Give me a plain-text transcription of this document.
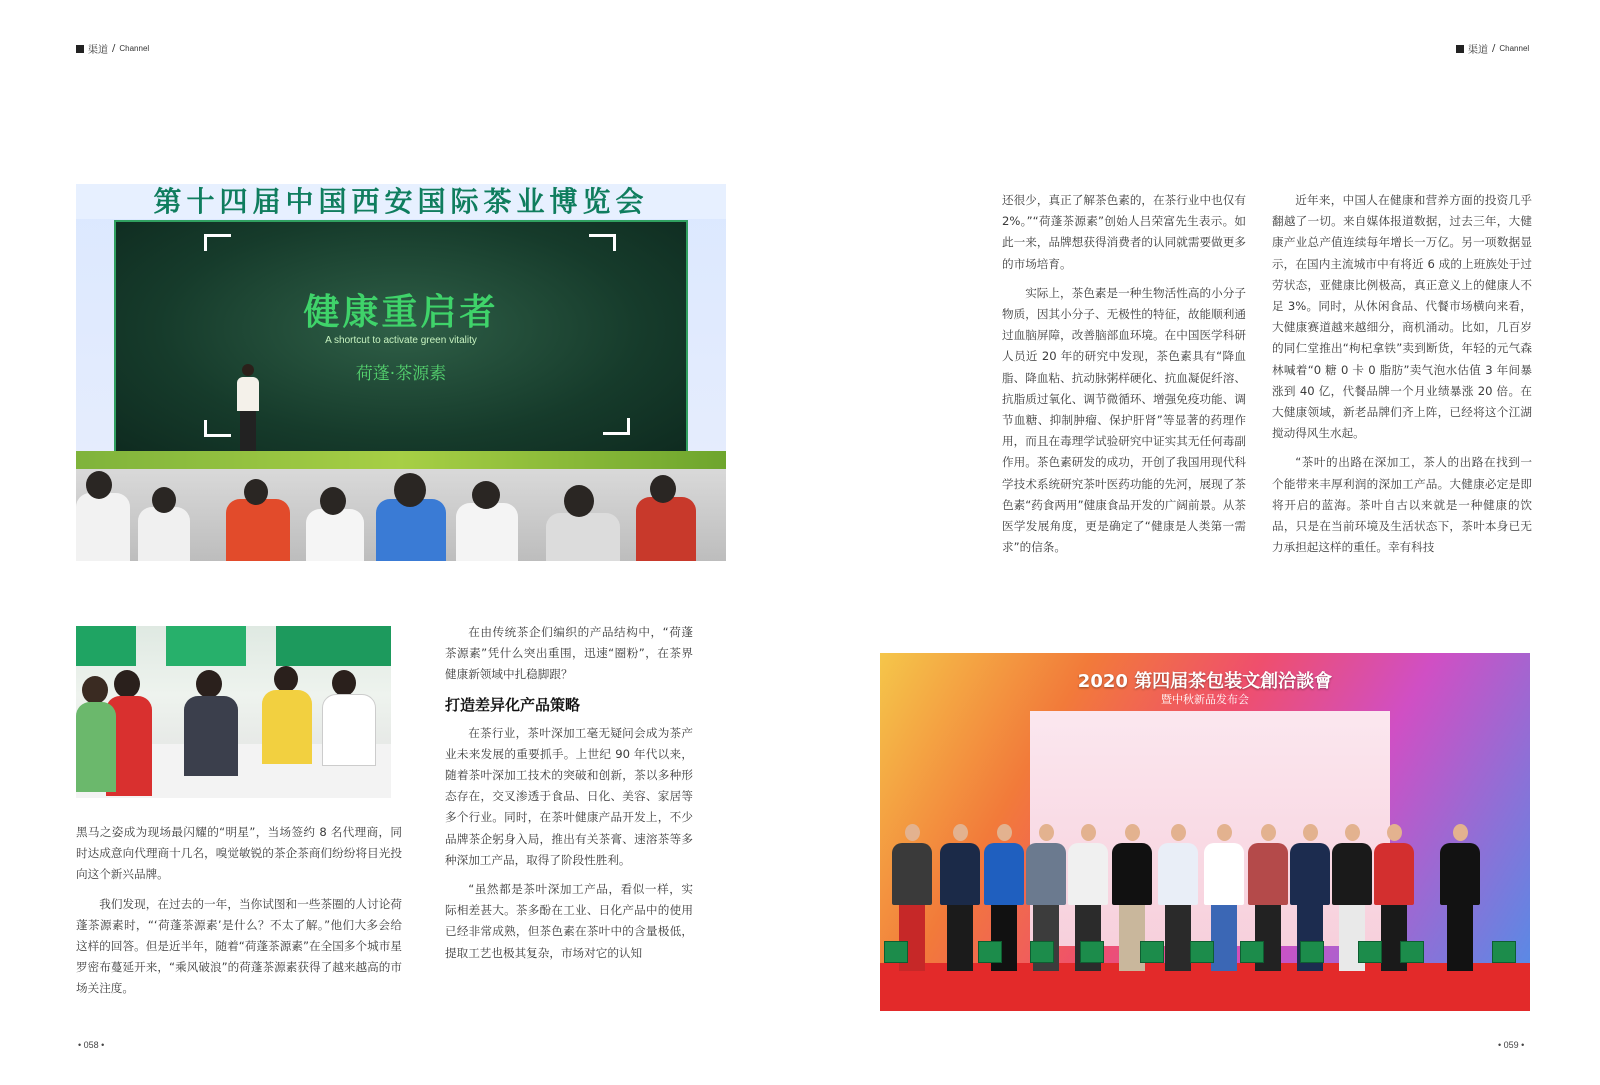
渠道 / Channel	渠道 / Channel
第十四届中国西安国际茶业博览会
健康重启者
A shortcut to activate green vitality
荷蓬·茶源素

黑马之姿成为现场最闪耀的“明星”，当场签约 8 名代理商，同时达成意向代理商十几名，嗅觉敏锐的茶企茶商们纷纷将目光投向这个新兴品牌。

我们发现，在过去的一年，当你试图和一些茶圈的人讨论荷蓬茶源素时，“‘荷蓬茶源素’是什么？不太了解。”他们大多会给这样的回答。但是近半年，随着“荷蓬茶源素”在全国多个城市星罗密布蔓延开来，“乘风破浪”的荷蓬茶源素获得了越来越高的市场关注度。

在由传统茶企们编织的产品结构中，“荷蓬茶源素”凭什么突出重围，迅速“圈粉”，在茶界健康新领域中扎稳脚跟？

打造差异化产品策略

在茶行业，茶叶深加工毫无疑问会成为茶产业未来发展的重要抓手。上世纪 90 年代以来，随着茶叶深加工技术的突破和创新，茶以多种形态存在，交叉渗透于食品、日化、美容、家居等多个行业。同时，在茶叶健康产品开发上，不少品牌茶企躬身入局，推出有关茶膏、速溶茶等多种深加工产品，取得了阶段性胜利。

“虽然都是茶叶深加工产品，看似一样，实际相差甚大。茶多酚在工业、日化产品中的使用已经非常成熟，但茶色素在茶叶中的含量极低，提取工艺也极其复杂，市场对它的认知

还很少，真正了解茶色素的，在茶行业中也仅有 2%。”“荷蓬茶源素”创始人吕荣富先生表示。如此一来，品牌想获得消费者的认同就需要做更多的市场培育。

实际上，茶色素是一种生物活性高的小分子物质，因其小分子、无极性的特征，故能顺利通过血脑屏障，改善脑部血环境。在中国医学科研人员近 20 年的研究中发现，茶色素具有“降血脂、降血粘、抗动脉粥样硬化、抗血凝促纤溶、抗脂质过氧化、调节微循环、增强免疫功能、调节血糖、抑制肿瘤、保护肝肾”等显著的药理作用，而且在毒理学试验研究中证实其无任何毒副作用。茶色素研发的成功，开创了我国用现代科学技术系统研究茶叶医药功能的先河，展现了茶色素“药食两用”健康食品开发的广阔前景。从茶医学发展角度，更是确定了“健康是人类第一需求”的信条。

近年来，中国人在健康和营养方面的投资几乎翻越了一切。来自媒体报道数据，过去三年，大健康产业总产值连续每年增长一万亿。另一项数据显示，在国内主流城市中有将近 6 成的上班族处于过劳状态，亚健康比例极高，真正意义上的健康人不足 3%。同时，从休闲食品、代餐市场横向来看，大健康赛道越来越细分，商机涌动。比如，几百岁的同仁堂推出“枸杞拿铁”卖到断货，年轻的元气森林喊着“0 糖 0 卡 0 脂肪”卖气泡水估值 3 年间暴涨到 40 亿，代餐品牌一个月业绩暴涨 20 倍。在大健康领域，新老品牌们齐上阵，已经将这个江湖搅动得风生水起。

“茶叶的出路在深加工，茶人的出路在找到一个能带来丰厚利润的深加工产品。大健康必定是即将开启的蓝海。茶叶自古以来就是一种健康的饮品，只是在当前环境及生活状态下，茶叶本身已无力承担起这样的重任。幸有科技

2020 第四届茶包装文創洽談會
暨中秋新品发布会
• 058 •	• 059 •
